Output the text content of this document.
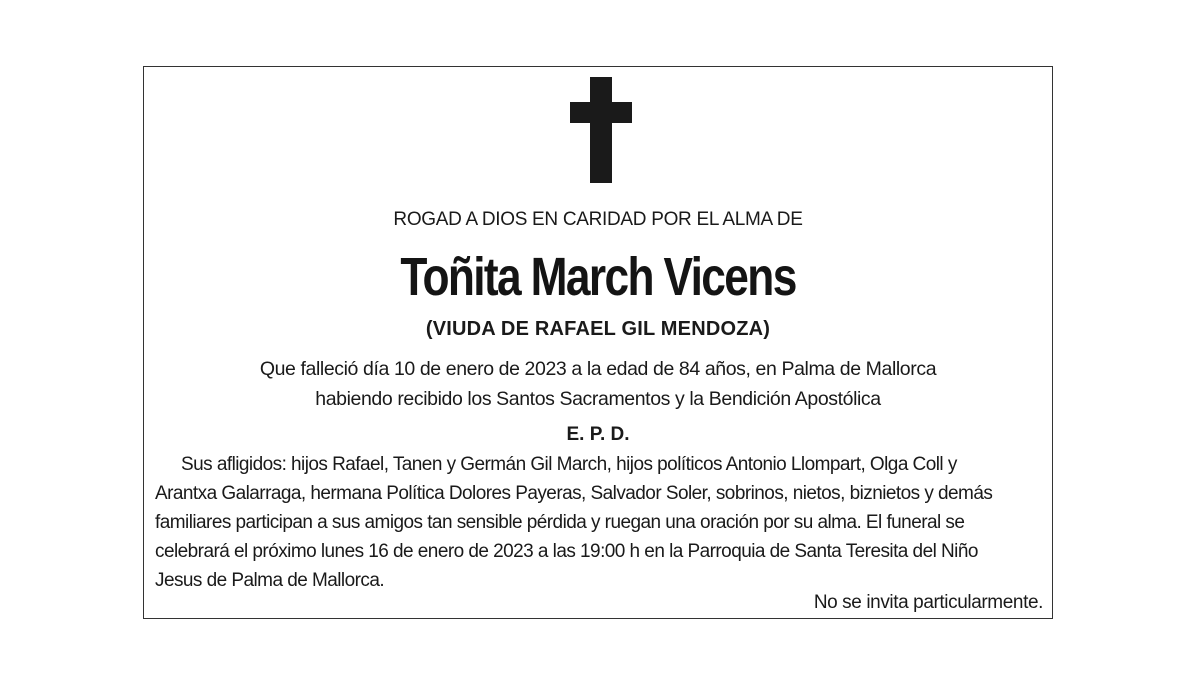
ROGAD A DIOS EN CARIDAD POR EL ALMA DE
Toñita March Vicens
(VIUDA DE RAFAEL GIL MENDOZA)
Que falleció día 10 de enero de 2023 a la edad de 84 años, en Palma de Mallorca
habiendo recibido los Santos Sacramentos y la Bendición Apostólica
E. P. D.
Sus afligidos: hijos Rafael, Tanen y Germán Gil March, hijos políticos Antonio Llompart, Olga Coll y
Arantxa Galarraga, hermana Política Dolores Payeras, Salvador Soler, sobrinos, nietos, biznietos y demás
familiares participan a sus amigos tan sensible pérdida y ruegan una oración por su alma. El funeral se
celebrará el próximo lunes 16 de enero de 2023 a las 19:00 h en la Parroquia de Santa Teresita del Niño
Jesus de Palma de Mallorca.
No se invita particularmente.
